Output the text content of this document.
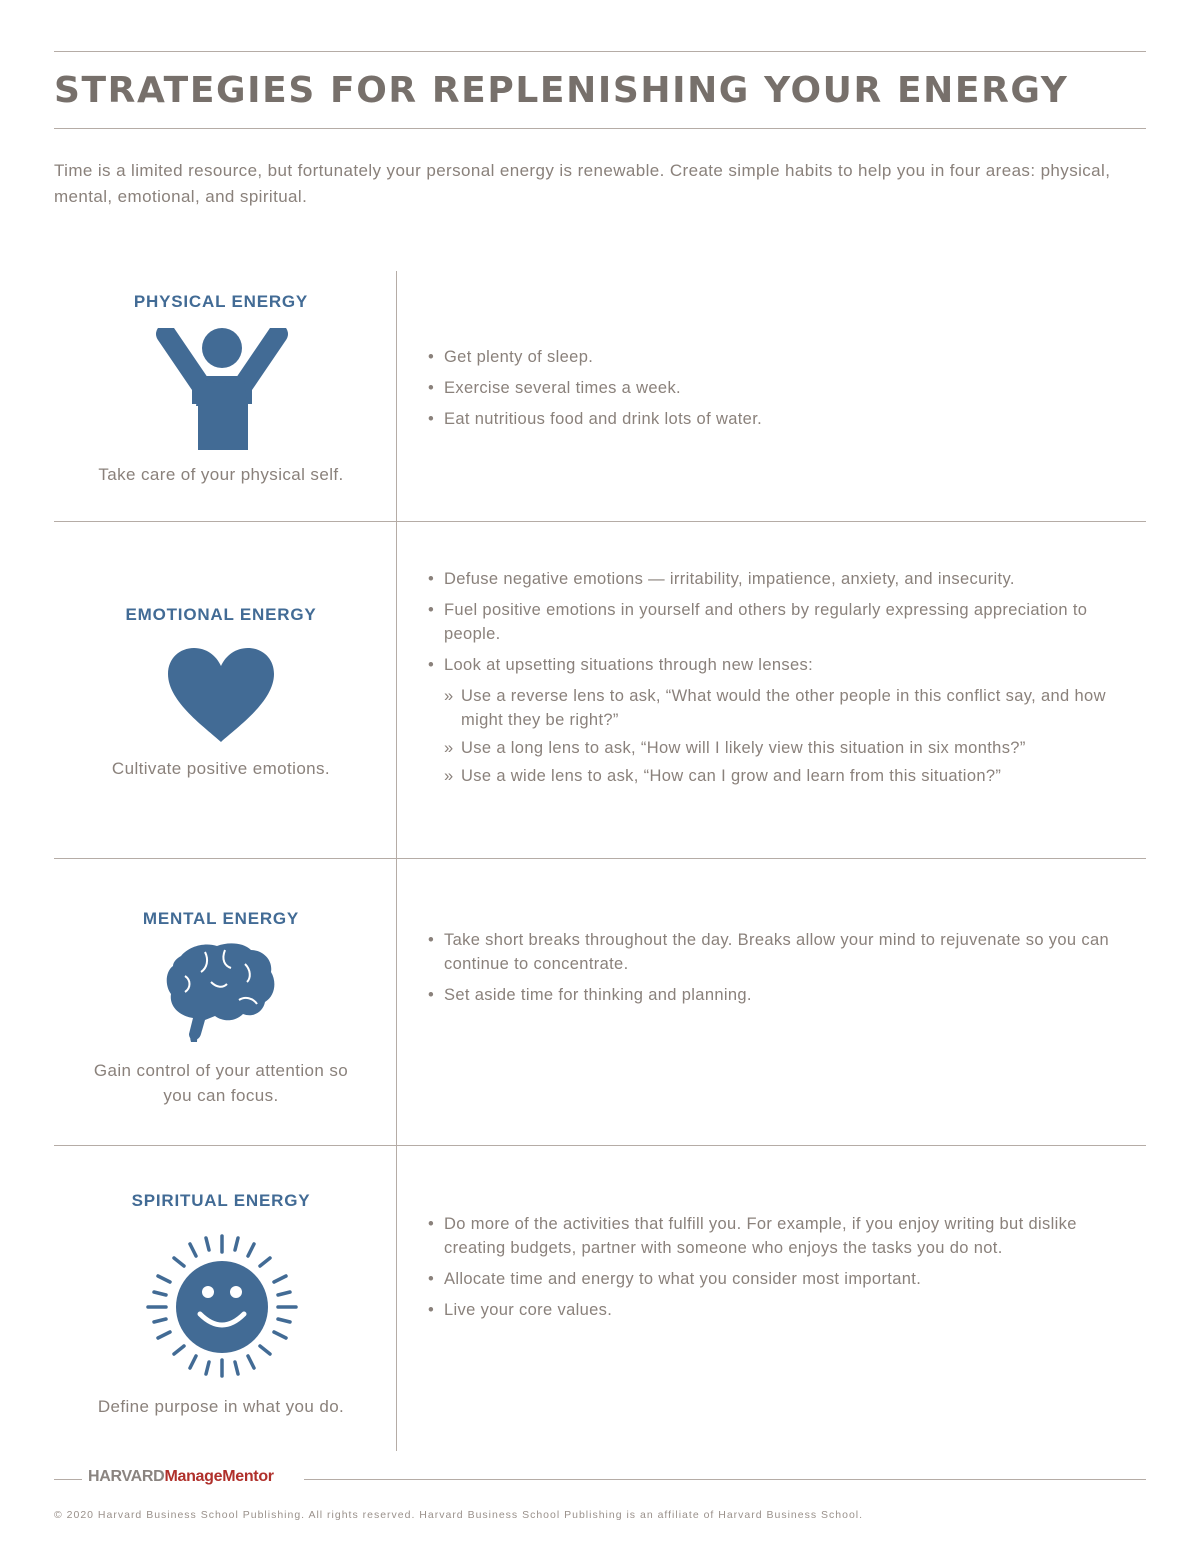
STRATEGIES FOR REPLENISHING YOUR ENERGY
Time is a limited resource, but fortunately your personal energy is renewable. Create simple habits to help you in four areas: physical, mental, emotional, and spiritual.
PHYSICAL ENERGY
Take care of your physical self.
• Get plenty of sleep.
• Exercise several times a week.
• Eat nutritious food and drink lots of water.
EMOTIONAL ENERGY
Cultivate positive emotions.
• Defuse negative emotions — irritability, impatience, anxiety, and insecurity.
• Fuel positive emotions in yourself and others by regularly expressing appreciation to people.
• Look at upsetting situations through new lenses:
» Use a reverse lens to ask, “What would the other people in this conflict say, and how might they be right?”
» Use a long lens to ask, “How will I likely view this situation in six months?”
» Use a wide lens to ask, “How can I grow and learn from this situation?”
MENTAL ENERGY
Gain control of your attention so you can focus.
• Take short breaks throughout the day. Breaks allow your mind to rejuvenate so you can continue to concentrate.
• Set aside time for thinking and planning.
SPIRITUAL ENERGY
Define purpose in what you do.
• Do more of the activities that fulfill you. For example, if you enjoy writing but dislike creating budgets, partner with someone who enjoys the tasks you do not.
• Allocate time and energy to what you consider most important.
• Live your core values.
HARVARDManageMentor
© 2020 Harvard Business School Publishing. All rights reserved. Harvard Business School Publishing is an affiliate of Harvard Business School.
